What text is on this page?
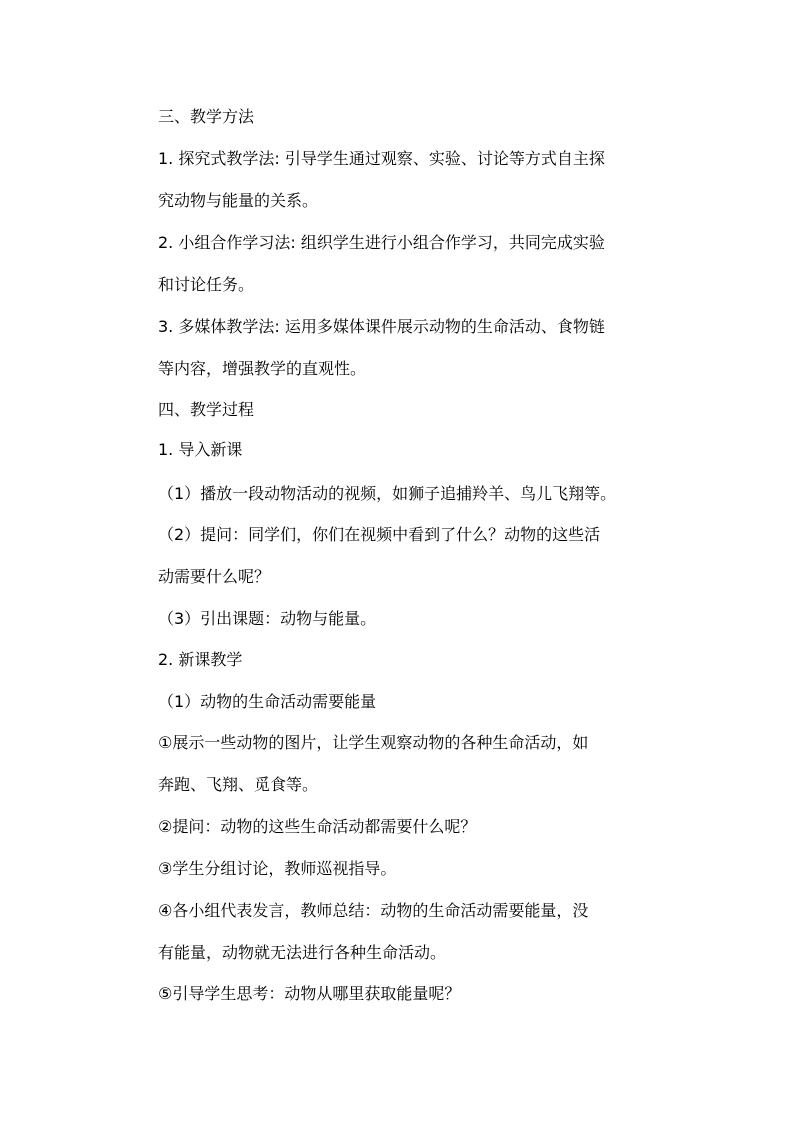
三、教学方法

1. 探究式教学法: 引导学生通过观察、实验、讨论等方式自主探
究动物与能量的关系。

2. 小组合作学习法: 组织学生进行小组合作学习，共同完成实验
和讨论任务。

3. 多媒体教学法: 运用多媒体课件展示动物的生命活动、食物链
等内容，增强教学的直观性。

四、教学过程

1. 导入新课

（1）播放一段动物活动的视频，如狮子追捕羚羊、鸟儿飞翔等。

（2）提问：同学们，你们在视频中看到了什么？动物的这些活
动需要什么呢？

（3）引出课题：动物与能量。

2. 新课教学

（1）动物的生命活动需要能量

①展示一些动物的图片，让学生观察动物的各种生命活动，如
奔跑、飞翔、觅食等。

②提问：动物的这些生命活动都需要什么呢？

③学生分组讨论，教师巡视指导。

④各小组代表发言，教师总结：动物的生命活动需要能量，没
有能量，动物就无法进行各种生命活动。

⑤引导学生思考：动物从哪里获取能量呢？
